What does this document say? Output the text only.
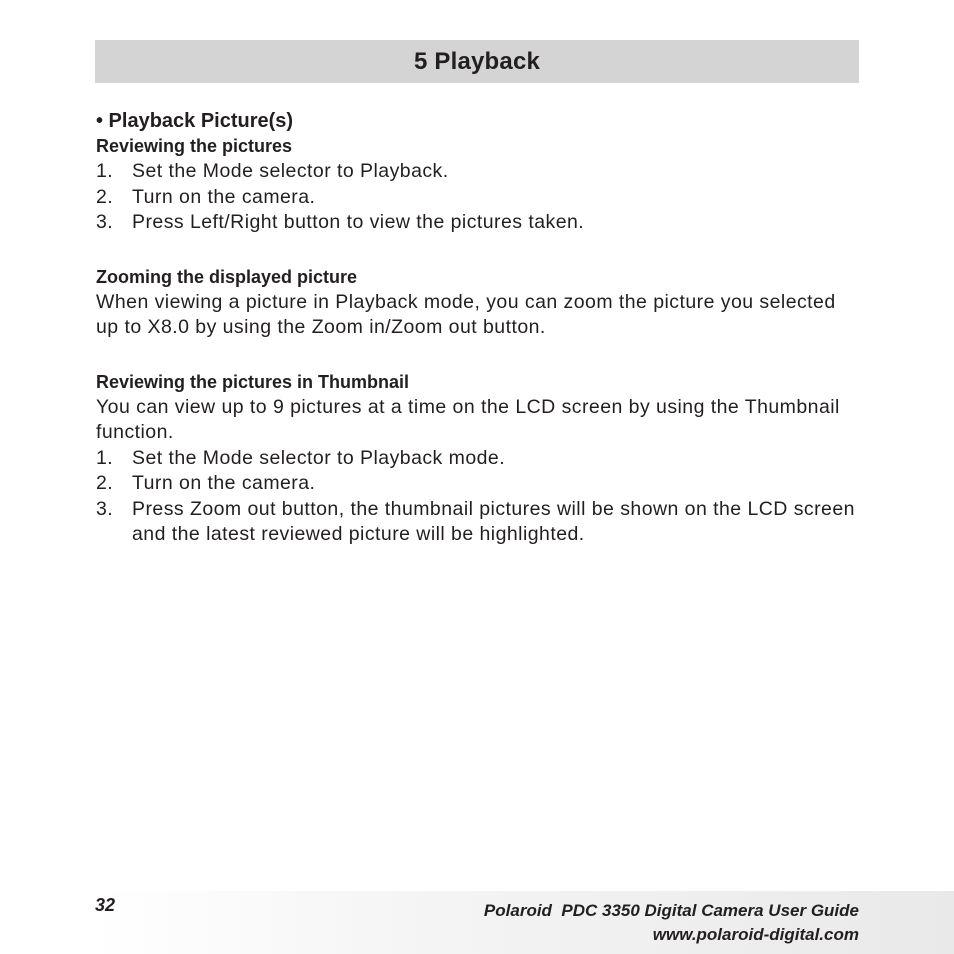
5 Playback

• Playback Picture(s)

Reviewing the pictures

1. Set the Mode selector to Playback.
2. Turn on the camera.
3. Press Left/Right button to view the pictures taken.

Zooming the displayed picture

When viewing a picture in Playback mode, you can zoom the picture you selected up to X8.0 by using the Zoom in/Zoom out button.

Reviewing the pictures in Thumbnail

You can view up to 9 pictures at a time on the LCD screen by using the Thumbnail function.

1. Set the Mode selector to Playback mode.
2. Turn on the camera.
3. Press Zoom out button, the thumbnail pictures will be shown on the LCD screen and the latest reviewed picture will be highlighted.
32	Polaroid  PDC 3350 Digital Camera User Guide
www.polaroid-digital.com
